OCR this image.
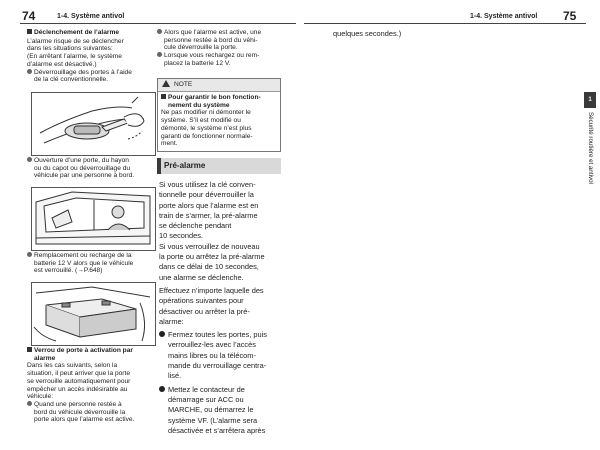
74	1-4. Système antivol	1-4. Système antivol 75
Déclenchement de l’alarme
L’alarme risque de se déclencher
dans les situations suivantes:
(En arrêtant l’alarme, le système
d’alarme est désactivé.)
Déverrouillage des portes à l’aide
de la clé conventionnelle.
Ouverture d’une porte, du hayon
ou du capot ou déverrouillage du
véhicule par une personne à bord.
Remplacement ou recharge de la
batterie 12 V alors que le véhicule
est verrouillé. (→P.648)
Verrou de porte à activation par
alarme
Dans les cas suivants, selon la
situation, il peut arriver que la porte
se verrouille automatiquement pour
empêcher un accès indésirable au
véhicule:
Quand une personne restée à
bord du véhicule déverrouille la
porte alors que l’alarme est active.
Alors que l’alarme est active, une
personne restée à bord du véhi-
cule déverrouille la porte.
Lorsque vous rechargez ou rem-
placez la batterie 12 V.
NOTE
Pour garantir le bon fonction-
nement du système
Ne pas modifier ni démonter le
système. S’il est modifié ou
démonté, le système n’est plus
garanti de fonctionner normale-
ment.
Pré-alarme
Si vous utilisez la clé conven-
tionnelle pour déverrouiller la
porte alors que l’alarme est en
train de s’armer, la pré-alarme
se déclenche pendant
10 secondes.
Si vous verrouillez de nouveau
la porte ou arrêtez la pré-alarme
dans ce délai de 10 secondes,
une alarme se déclenche.
Effectuez n’importe laquelle des
opérations suivantes pour
désactiver ou arrêter la pré-
alarme:
Fermez toutes les portes, puis
verrouillez-les avec l’accès
mains libres ou la télécom-
mande du verrouillage centra-
lisé.
Mettez le contacteur de
démarrage sur ACC ou
MARCHE, ou démarrez le
système VF. (L’alarme sera
désactivée et s’arrêtera après
quelques secondes.)
1
Sécurité routière et antivol
